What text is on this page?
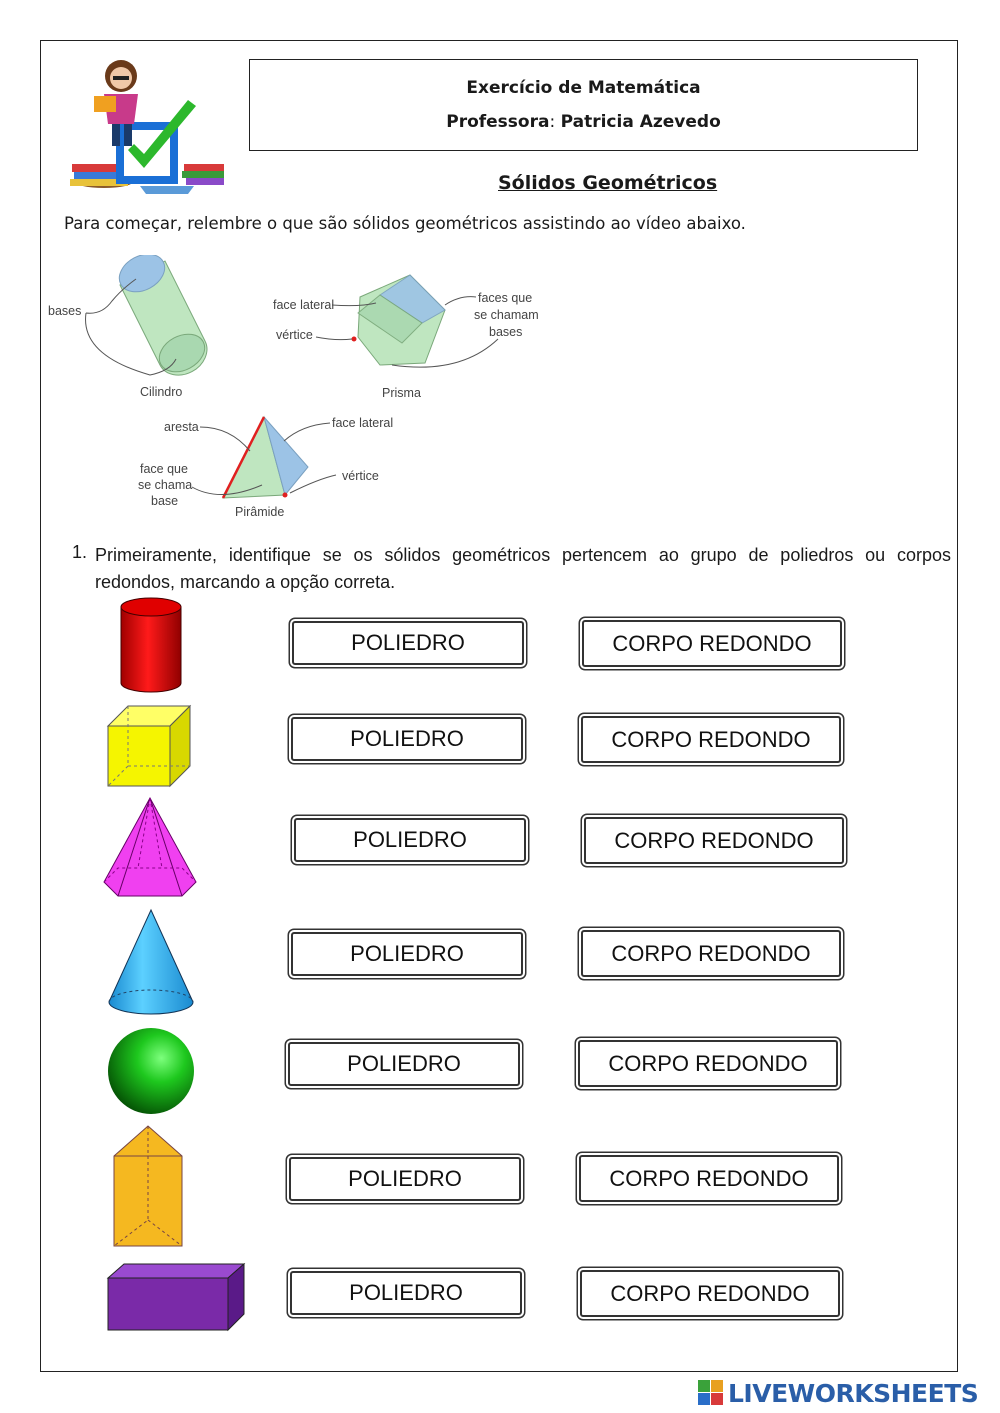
Exercício de Matemática
Professora: Patricia Azevedo
Sólidos Geométricos
Para começar, relembre o que são sólidos geométricos assistindo ao vídeo abaixo.
bases
Cilindro
face lateral
vértice
faces que
se chamam
bases
Prisma
aresta	face lateral
face que
se chama
base
vértice
Pirâmide
1. Primeiramente, identifique se os sólidos geométricos pertencem ao grupo de poliedros ou corpos redondos, marcando a opção correta.
POLIEDRO	CORPO REDONDO
POLIEDRO	CORPO REDONDO
POLIEDRO	CORPO REDONDO
POLIEDRO	CORPO REDONDO
POLIEDRO	CORPO REDONDO
POLIEDRO	CORPO REDONDO
POLIEDRO	CORPO REDONDO
LIVEWORKSHEETS
